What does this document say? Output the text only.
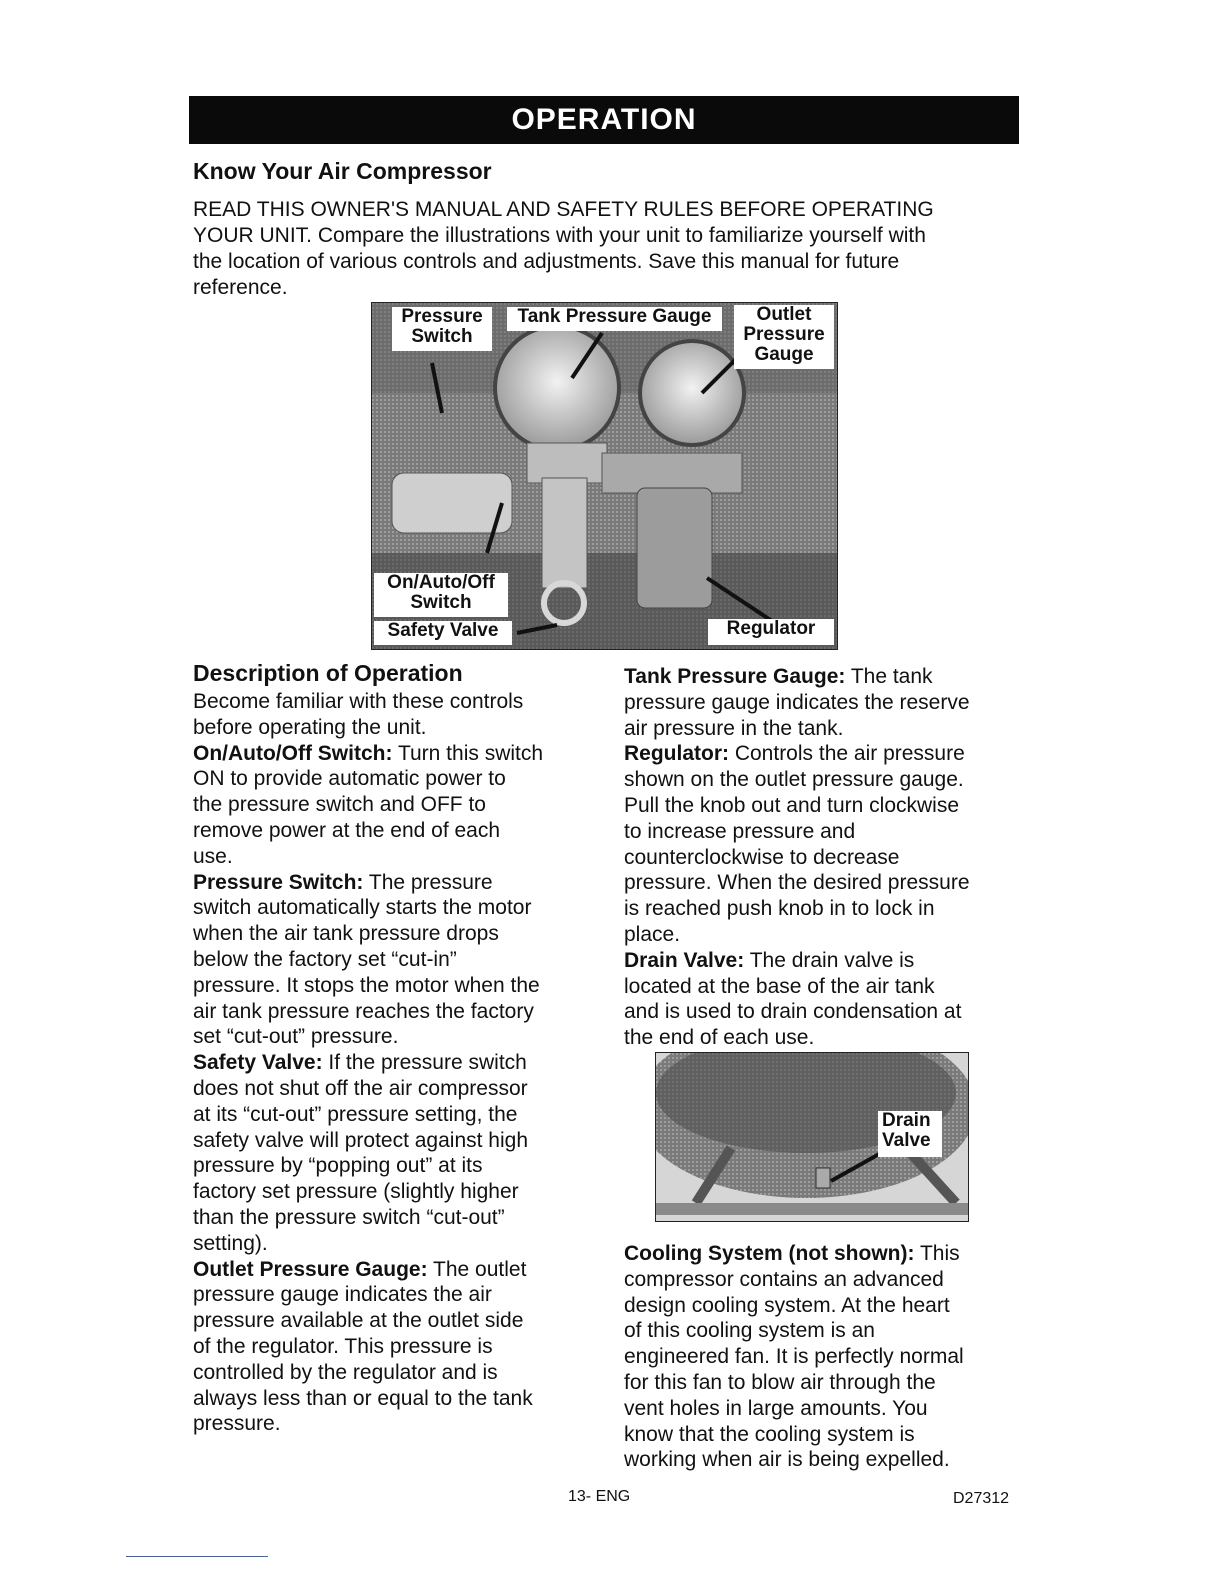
OPERATION
Know Your Air Compressor
READ THIS OWNER'S MANUAL AND SAFETY RULES BEFORE OPERATING
YOUR UNIT. Compare the illustrations with your unit to familiarize yourself with
the location of various controls and adjustments. Save this manual for future
reference.
Pressure Switch
Tank Pressure Gauge	Outlet Pressure Gauge
On/Auto/Off Switch
Safety Valve	Regulator
Description of Operation
Become familiar with these controls
before operating the unit.
On/Auto/Off Switch: Turn this switch
ON to provide automatic power to
the pressure switch and OFF to
remove power at the end of each
use.
Pressure Switch: The pressure
switch automatically starts the motor
when the air tank pressure drops
below the factory set “cut-in”
pressure. It stops the motor when the
air tank pressure reaches the factory
set “cut-out” pressure.
Safety Valve: If the pressure switch
does not shut off the air compressor
at its “cut-out” pressure setting, the
safety valve will protect against high
pressure by “popping out” at its
factory set pressure (slightly higher
than the pressure switch “cut-out”
setting).
Outlet Pressure Gauge: The outlet
pressure gauge indicates the air
pressure available at the outlet side
of the regulator. This pressure is
controlled by the regulator and is
always less than or equal to the tank
pressure.
Tank Pressure Gauge: The tank
pressure gauge indicates the reserve
air pressure in the tank.
Regulator: Controls the air pressure
shown on the outlet pressure gauge.
Pull the knob out and turn clockwise
to increase pressure and
counterclockwise to decrease
pressure. When the desired pressure
is reached push knob in to lock in
place.
Drain Valve: The drain valve is
located at the base of the air tank
and is used to drain condensation at
the end of each use.
Drain Valve
Cooling System (not shown): This
compressor contains an advanced
design cooling system. At the heart
of this cooling system is an
engineered fan. It is perfectly normal
for this fan to blow air through the
vent holes in large amounts. You
know that the cooling system is
working when air is being expelled.
13- ENG	D27312
